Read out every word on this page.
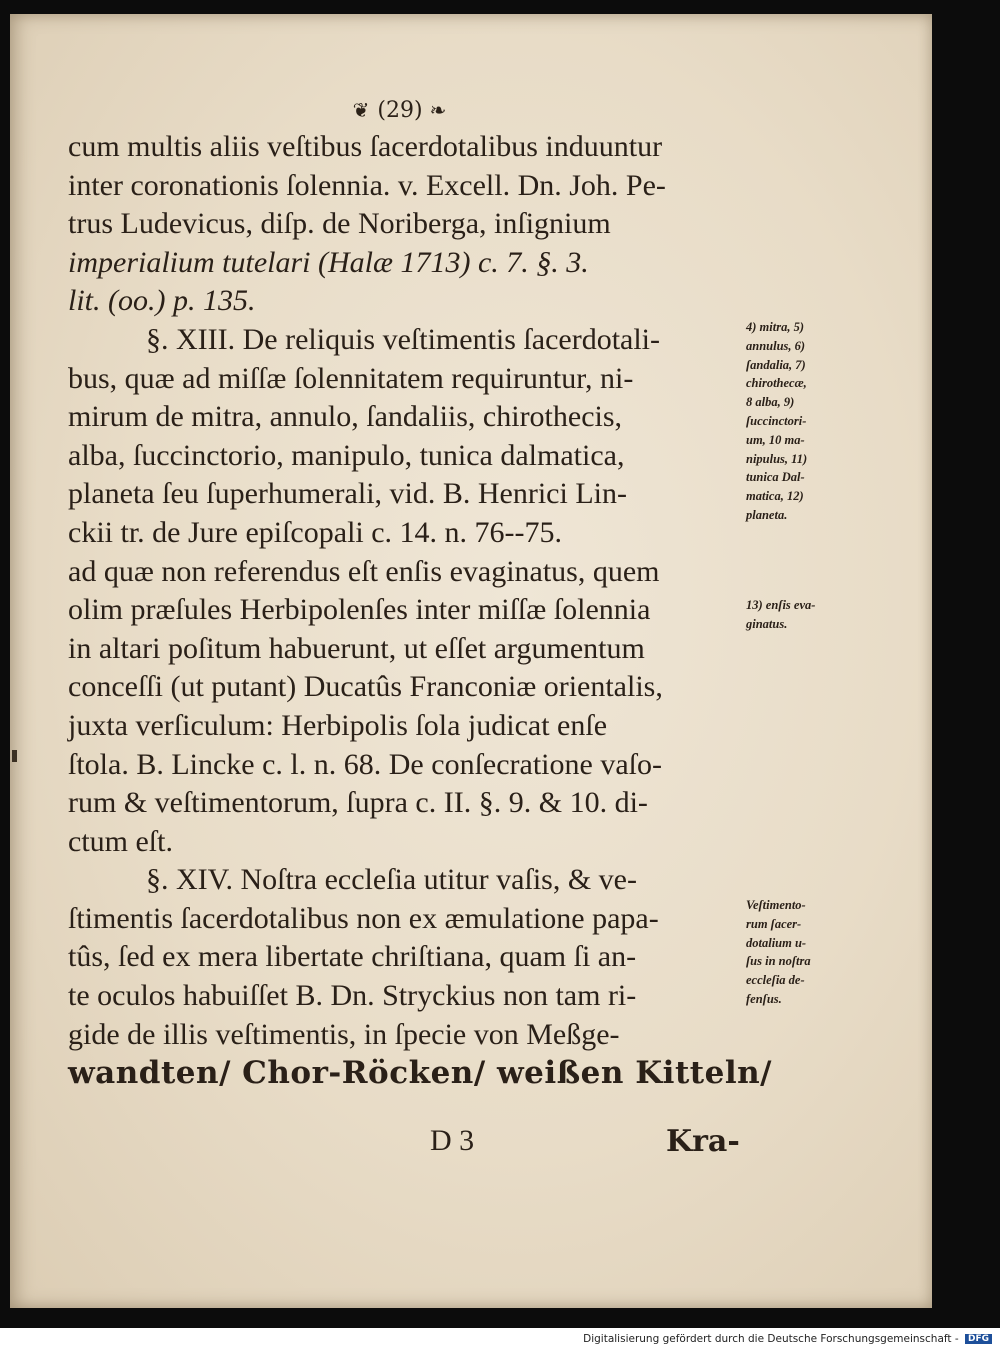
❦ (29) ❧
cum multis aliis veſtibus ſacerdotalibus induuntur
inter coronationis ſolennia. v. Excell. Dn. Joh. Pe-
trus Ludevicus, diſp. de Noriberga, inſignium
imperialium tutelari (Halæ 1713) c. 7. §. 3.
lit. (oo.) p. 135.
§. XIII. De reliquis veſtimentis ſacerdotali-
bus, quæ ad miſſæ ſolennitatem requiruntur, ni-
mirum de mitra, annulo, ſandaliis, chirothecis,
alba, ſuccinctorio, manipulo, tunica dalmatica,
planeta ſeu ſuperhumerali, vid. B. Henrici Lin-
ckii tr. de Jure epiſcopali c. 14. n. 76--75.
ad quæ non referendus eſt enſis evaginatus, quem
olim præſules Herbipolenſes inter miſſæ ſolennia
in altari poſitum habuerunt, ut eſſet argumentum
conceſſi (ut putant) Ducatûs Franconiæ orientalis,
juxta verſiculum: Herbipolis ſola judicat enſe
ſtola. B. Lincke c. l. n. 68. De conſecratione vaſo-
rum & veſtimentorum, ſupra c. II. §. 9. & 10. di-
ctum eſt.
§. XIV. Noſtra eccleſia utitur vaſis, & ve-
ſtimentis ſacerdotalibus non ex æmulatione papa-
tûs, ſed ex mera libertate chriſtiana, quam ſi an-
te oculos habuiſſet B. Dn. Stryckius non tam ri-
gide de illis veſtimentis, in ſpecie von Meßge-
wandten/ Chor-Röcken/ weißen Kitteln/
D 3	Kra-
4) mitra, 5)
annulus, 6)
ſandalia, 7)
chirothecæ,
8 alba, 9)
ſuccinctori-
um, 10 ma-
nipulus, 11)
tunica Dal-
matica, 12)
planeta.
13) enſis eva-
ginatus.
Veſtimento-
rum ſacer-
dotalium u-
ſus in noſtra
eccleſia de-
fenſus.
Digitalisierung gefördert durch die Deutsche Forschungsgemeinschaft - DFG
